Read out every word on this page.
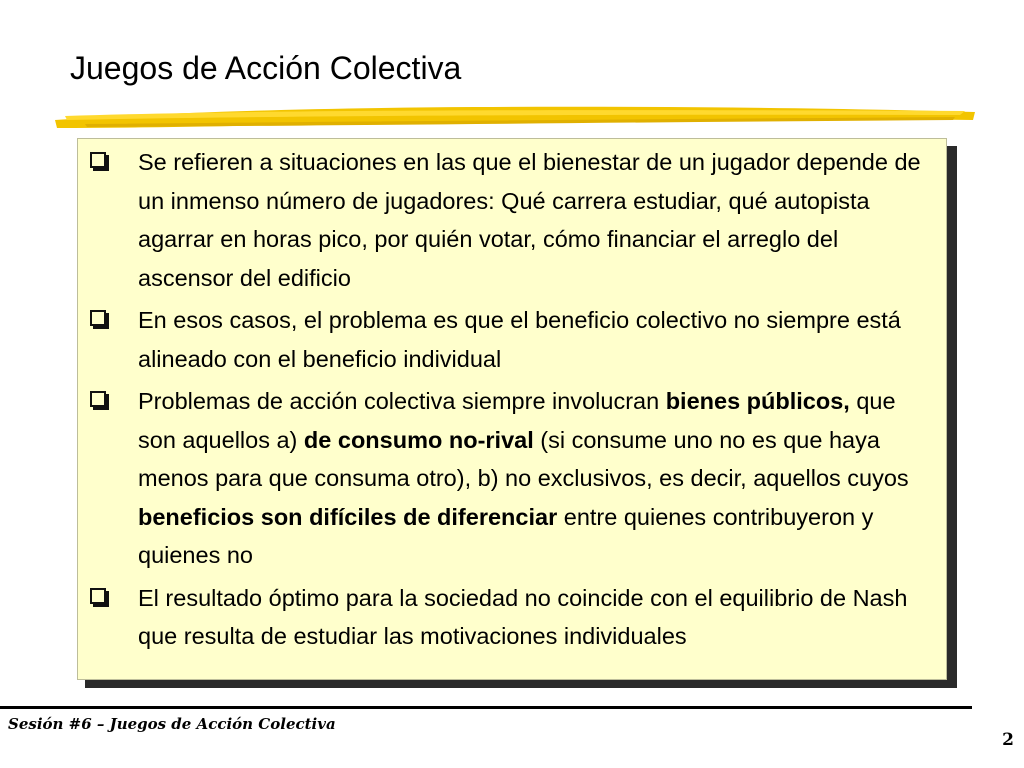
Juegos de Acción Colectiva
Se refieren a situaciones en las que el bienestar de un jugador depende de un inmenso número de jugadores: Qué carrera estudiar, qué autopista agarrar en horas pico, por quién votar, cómo financiar el arreglo del ascensor del edificio
En esos casos, el problema es que el beneficio colectivo no siempre está alineado con el beneficio individual
Problemas de acción colectiva siempre involucran bienes públicos, que son aquellos a) de consumo no-rival (si consume uno no es que haya menos para que consuma otro), b) no exclusivos, es decir, aquellos cuyos beneficios son difíciles de diferenciar entre quienes contribuyeron y quienes no
El resultado óptimo para la sociedad no coincide con el equilibrio de Nash que resulta de estudiar las motivaciones individuales
Sesión #6 – Juegos de Acción Colectiva
2
